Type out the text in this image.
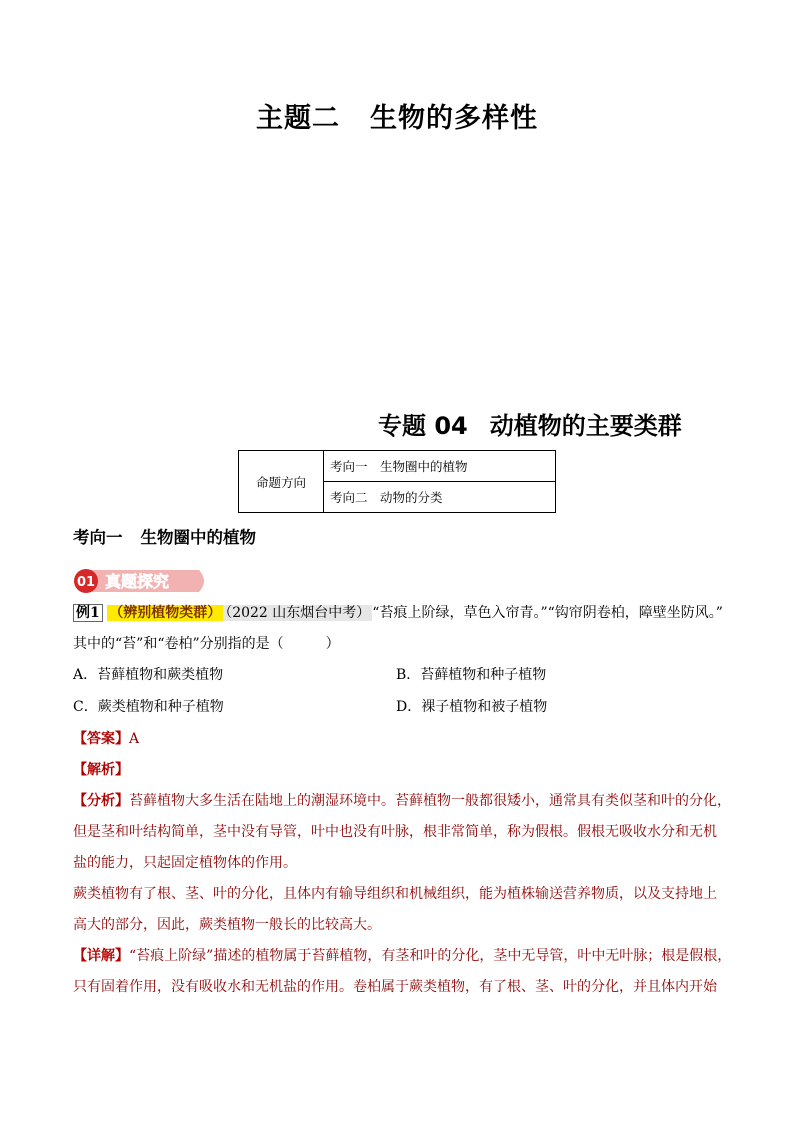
主题二 生物的多样性
专题 04 动植物的主要类群
命题方向	考向一　生物圈中的植物
考向二　动物的分类
考向一 生物圈中的植物
01 真题探究
例1 （辨别植物类群） （2022 山东烟台中考） “苔痕上阶绿，草色入帘青。”“钩帘阴卷柏，障壁坐防风。”
其中的“苔”和“卷柏”分别指的是（　　　）
A．苔藓植物和蕨类植物	B．苔藓植物和种子植物
C．蕨类植物和种子植物	D．裸子植物和被子植物
【答案】A
【解析】
【分析】苔藓植物大多生活在陆地上的潮湿环境中。苔藓植物一般都很矮小，通常具有类似茎和叶的分化，
但是茎和叶结构简单，茎中没有导管，叶中也没有叶脉，根非常简单，称为假根。假根无吸收水分和无机
盐的能力，只起固定植物体的作用。
蕨类植物有了根、茎、叶的分化，且体内有输导组织和机械组织，能为植株输送营养物质，以及支持地上
高大的部分，因此，蕨类植物一般长的比较高大。
【详解】“苔痕上阶绿”描述的植物属于苔藓植物，有茎和叶的分化，茎中无导管，叶中无叶脉；根是假根，
只有固着作用，没有吸收水和无机盐的作用。卷柏属于蕨类植物，有了根、茎、叶的分化，并且体内开始
